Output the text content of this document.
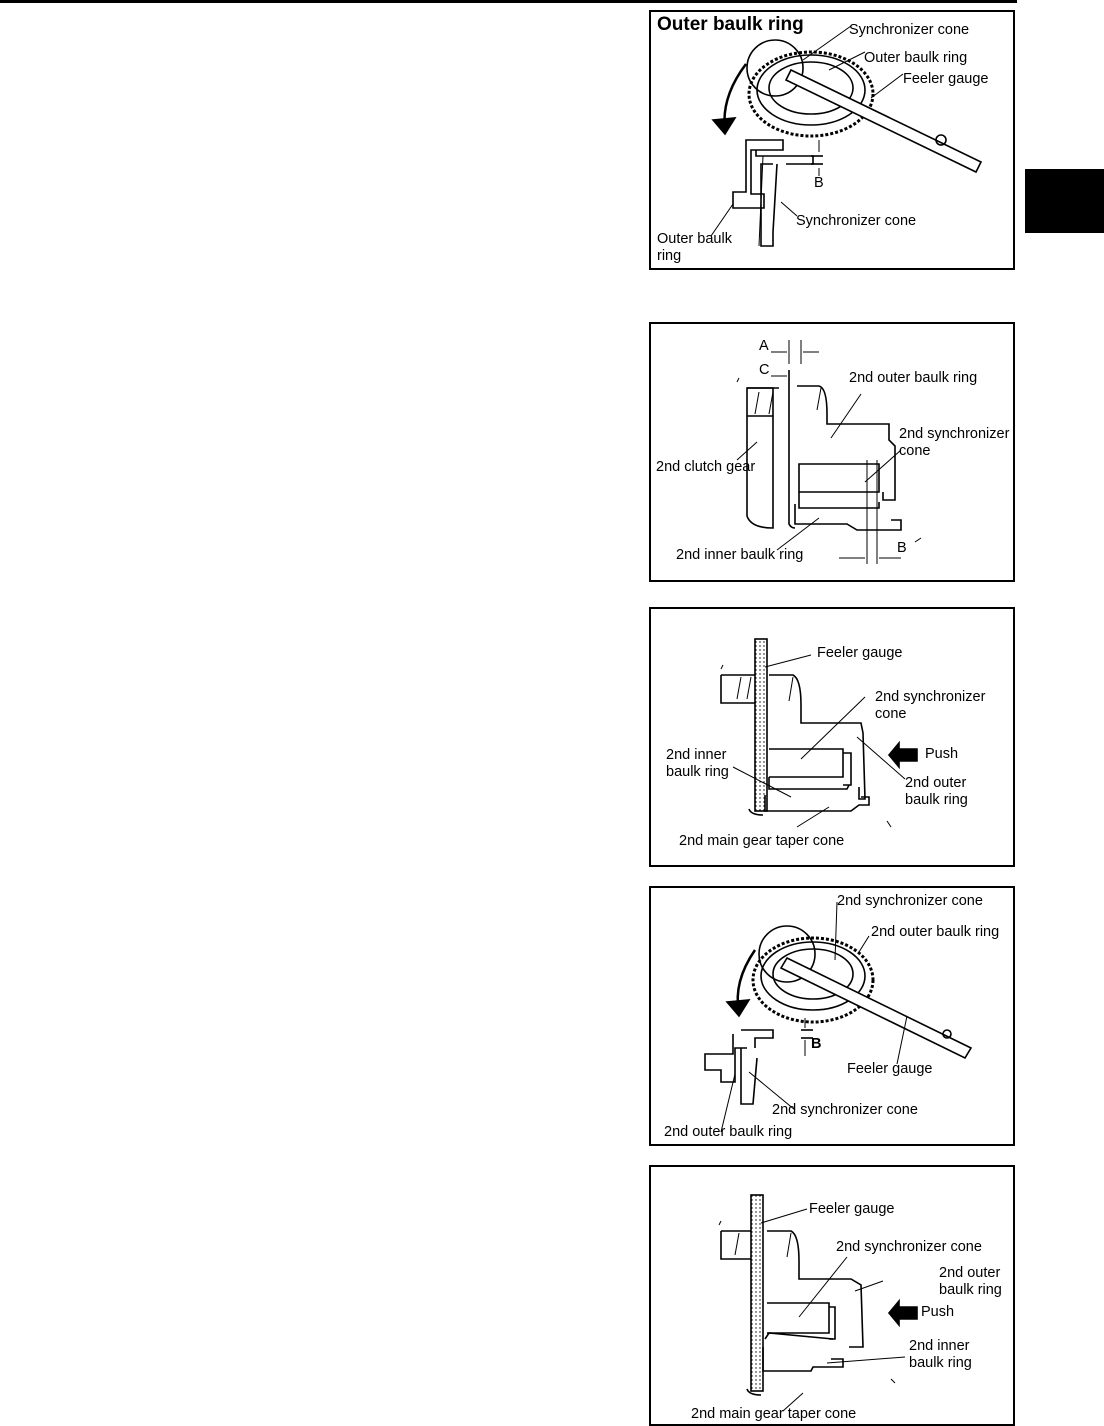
Outer baulk ring	Synchronizer cone
Outer baulk ring
Feeler gauge
B
Synchronizer cone
Outer baulk
ring
A
C	2nd outer baulk ring
2nd synchronizer
cone
2nd clutch gear
2nd inner baulk ring	B
Feeler gauge
2nd synchronizer
cone
Push
2nd inner
baulk ring
2nd outer
baulk ring
2nd main gear taper cone
2nd synchronizer cone
2nd outer baulk ring
B
Feeler gauge
2nd synchronizer cone
2nd outer baulk ring
Feeler gauge
2nd synchronizer cone
2nd outer
baulk ring
Push
2nd inner
baulk ring
2nd main gear taper cone
